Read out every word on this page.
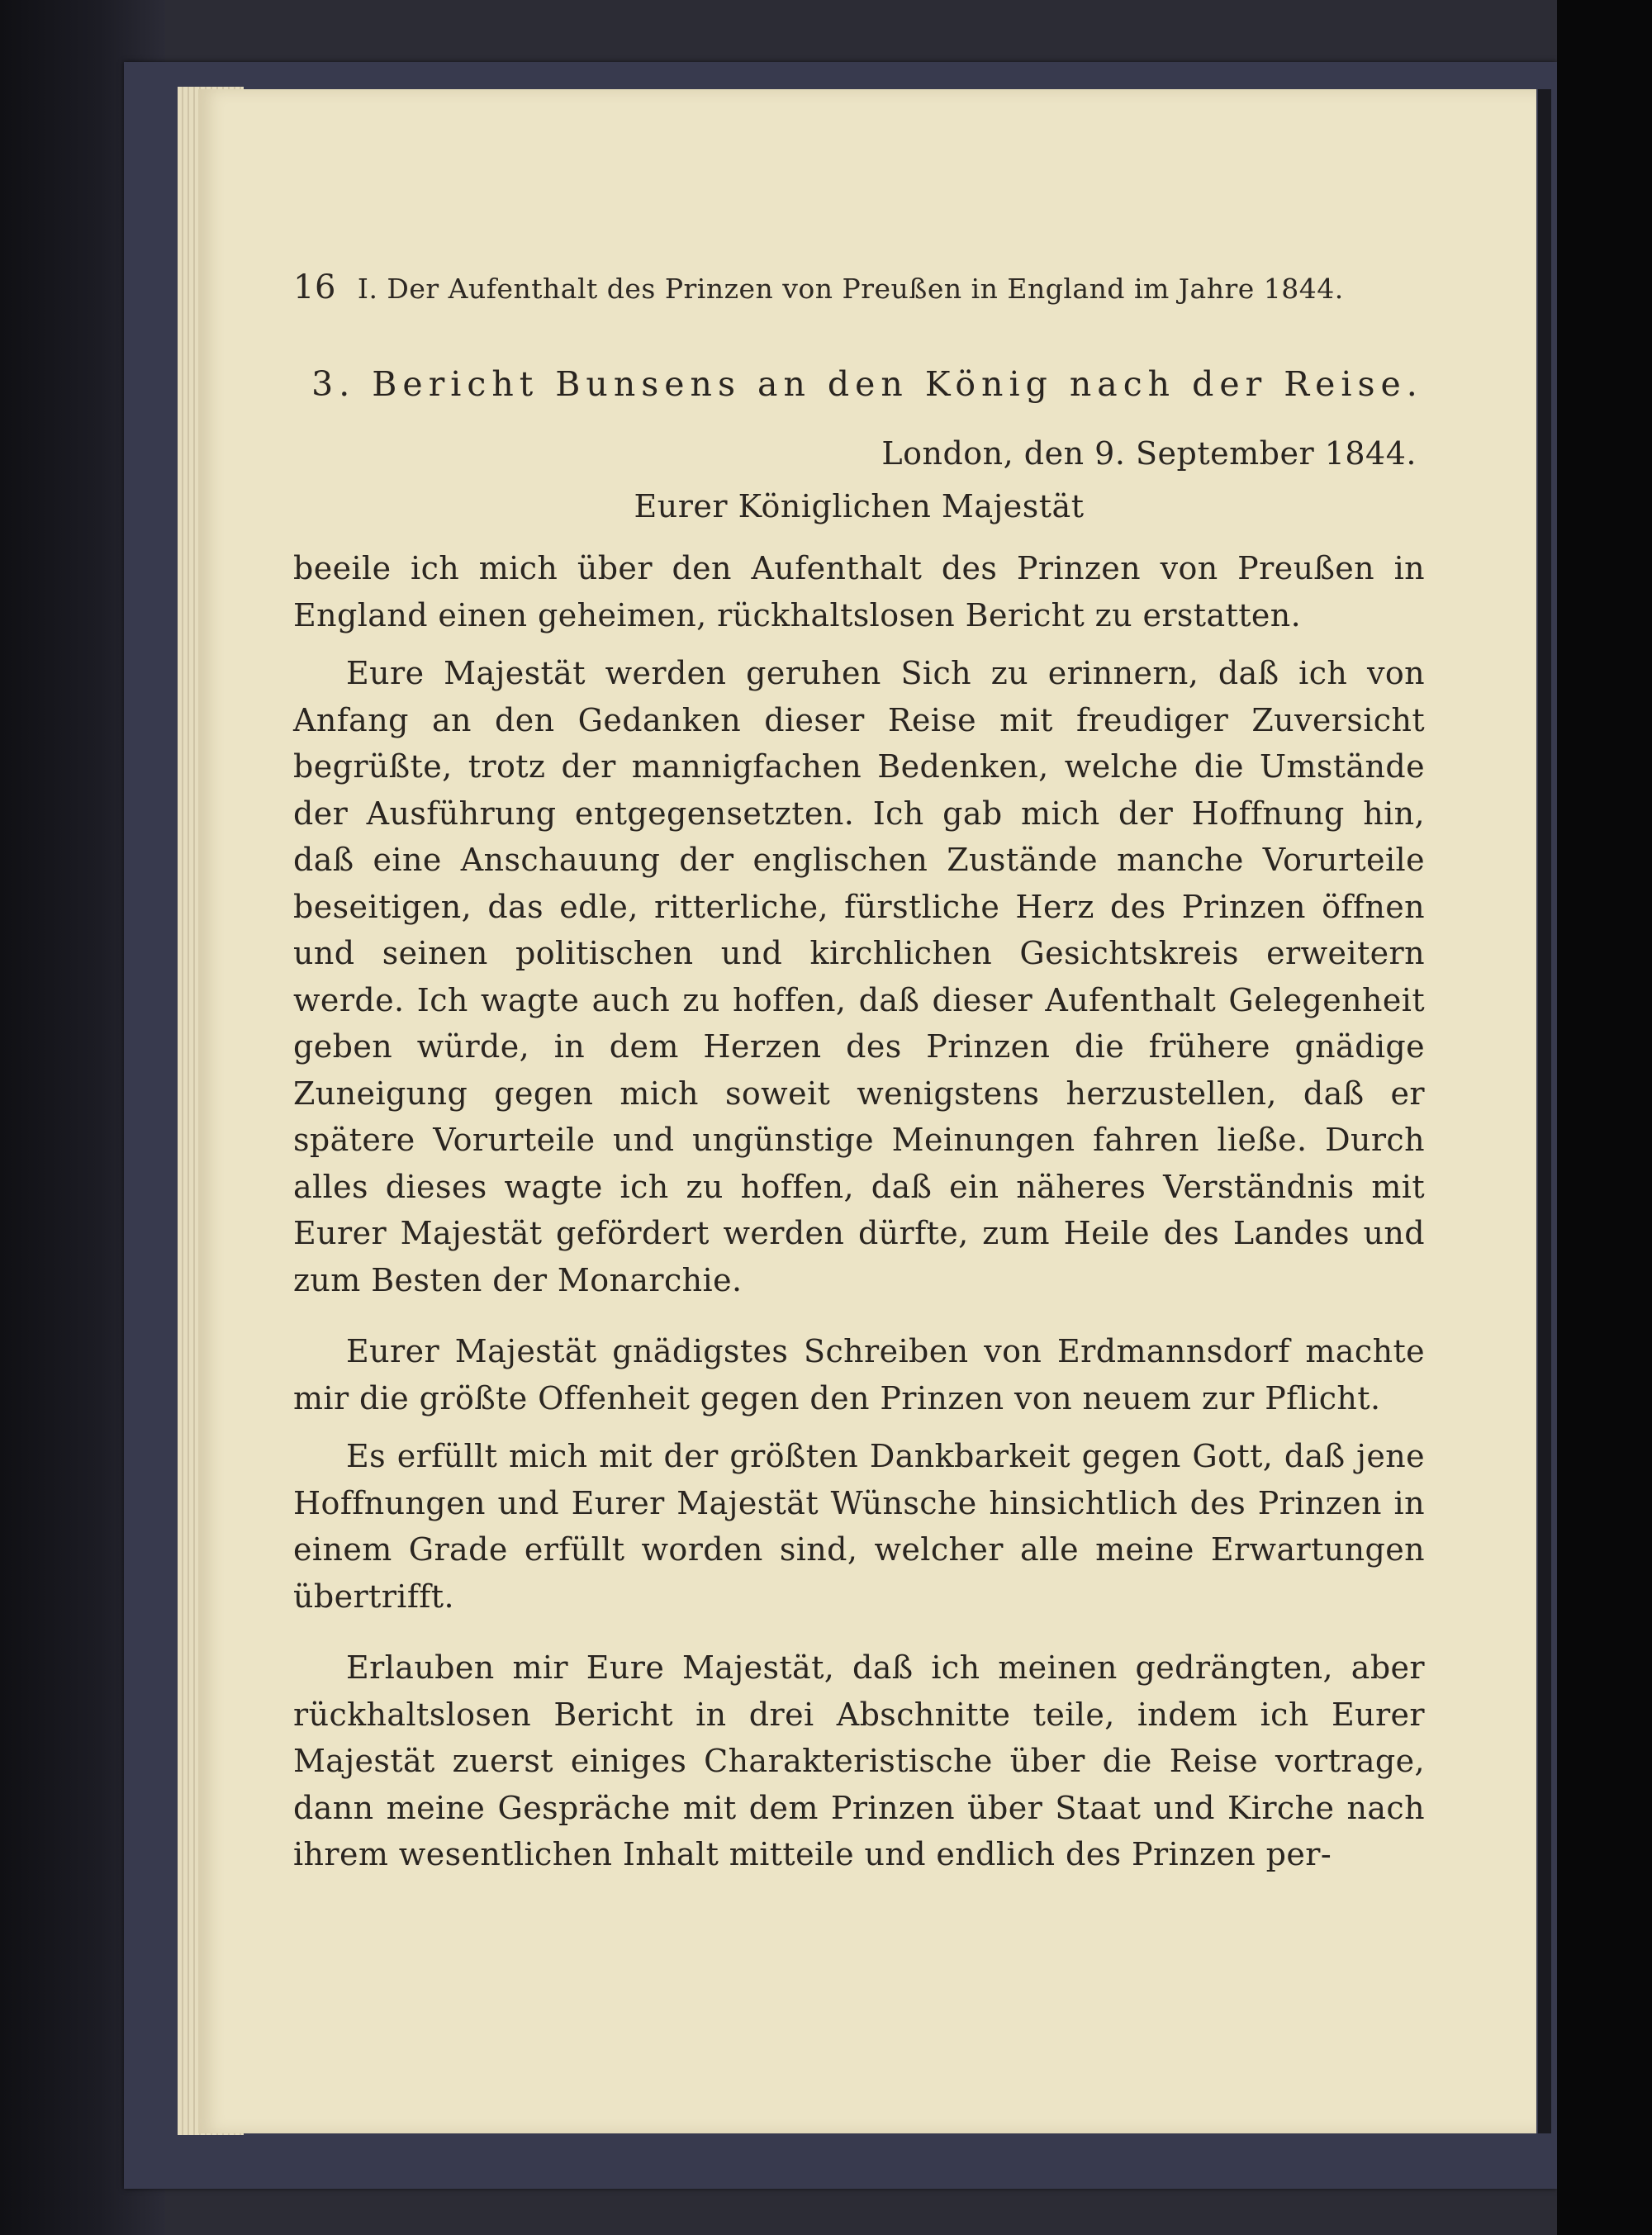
16 I. Der Aufenthalt des Prinzen von Preußen in England im Jahre 1844.
3. Bericht Bunsens an den König nach der Reise.
London, den 9. September 1844.
Eurer Königlichen Majestät

beeile ich mich über den Aufenthalt des Prinzen von Preußen in England einen geheimen, rückhaltslosen Bericht zu erstatten.

Eure Majestät werden geruhen Sich zu erinnern, daß ich von Anfang an den Gedanken dieser Reise mit freudiger Zuversicht begrüßte, trotz der mannigfachen Bedenken, welche die Umstände der Ausführung entgegensetzten. Ich gab mich der Hoffnung hin, daß eine Anschauung der englischen Zustände manche Vorurteile beseitigen, das edle, ritterliche, fürstliche Herz des Prinzen öffnen und seinen politischen und kirchlichen Gesichtskreis erweitern werde. Ich wagte auch zu hoffen, daß dieser Aufenthalt Gelegenheit geben würde, in dem Herzen des Prinzen die frühere gnädige Zuneigung gegen mich soweit wenigstens herzustellen, daß er spätere Vorurteile und ungünstige Meinungen fahren ließe. Durch alles dieses wagte ich zu hoffen, daß ein näheres Verständnis mit Eurer Majestät gefördert werden dürfte, zum Heile des Landes und zum Besten der Monarchie.

Eurer Majestät gnädigstes Schreiben von Erdmannsdorf machte mir die größte Offenheit gegen den Prinzen von neuem zur Pflicht.

Es erfüllt mich mit der größten Dankbarkeit gegen Gott, daß jene Hoffnungen und Eurer Majestät Wünsche hinsichtlich des Prinzen in einem Grade erfüllt worden sind, welcher alle meine Erwartungen übertrifft.

Erlauben mir Eure Majestät, daß ich meinen gedrängten, aber rückhaltslosen Bericht in drei Abschnitte teile, indem ich Eurer Majestät zuerst einiges Charakteristische über die Reise vortrage, dann meine Gespräche mit dem Prinzen über Staat und Kirche nach ihrem wesentlichen Inhalt mitteile und endlich des Prinzen per-
